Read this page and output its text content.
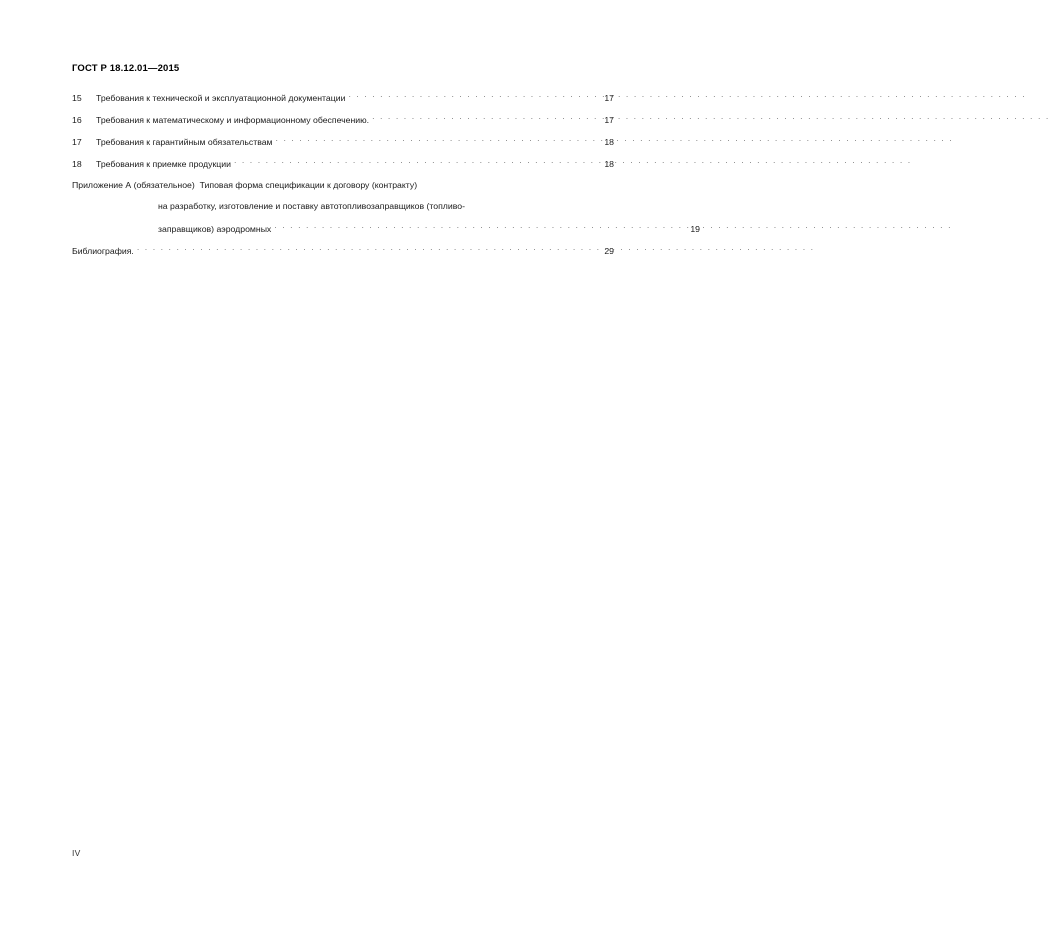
ГОСТ Р 18.12.01—2015
15	Требования к технической и эксплуатационной документации . . .	17
16	Требования к математическому и информационному обеспечению. . . .	17
17	Требования к гарантийным обязательствам . . .	18
18	Требования к приемке продукции . . .	18
Приложение А (обязательное)  Типовая форма спецификации к договору (контракту)
на разработку, изготовление и поставку автотопливозаправщиков (топливо-
заправщиков) аэродромных . . .	19
Библиография. . . .	29
IV
